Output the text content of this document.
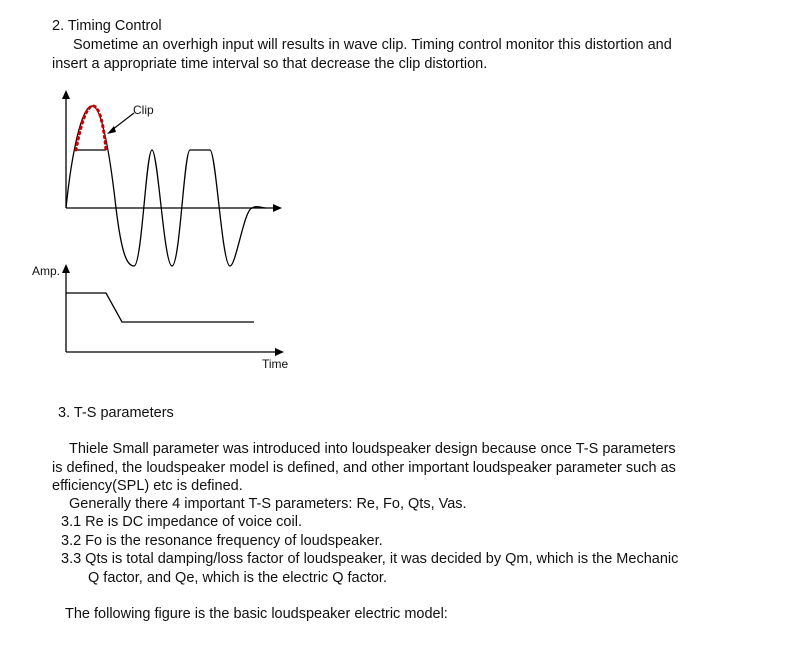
2. Timing Control
Sometime an overhigh input will results in wave clip. Timing control monitor this distortion and
insert a appropriate time interval so that decrease the clip distortion.
Clip
Amp.
Time
3. T-S parameters
Thiele Small parameter was introduced into loudspeaker design because once T-S parameters
is defined, the loudspeaker model is defined, and other important loudspeaker parameter such as
efficiency(SPL) etc is defined.
Generally there 4 important T-S parameters: Re, Fo, Qts, Vas.
3.1 Re is DC impedance of voice coil.
3.2 Fo is the resonance frequency of loudspeaker.
3.3 Qts is total damping/loss factor of loudspeaker, it was decided by Qm, which is the Mechanic
Q factor, and Qe, which is the electric Q factor.
The following figure is the basic loudspeaker electric model:
